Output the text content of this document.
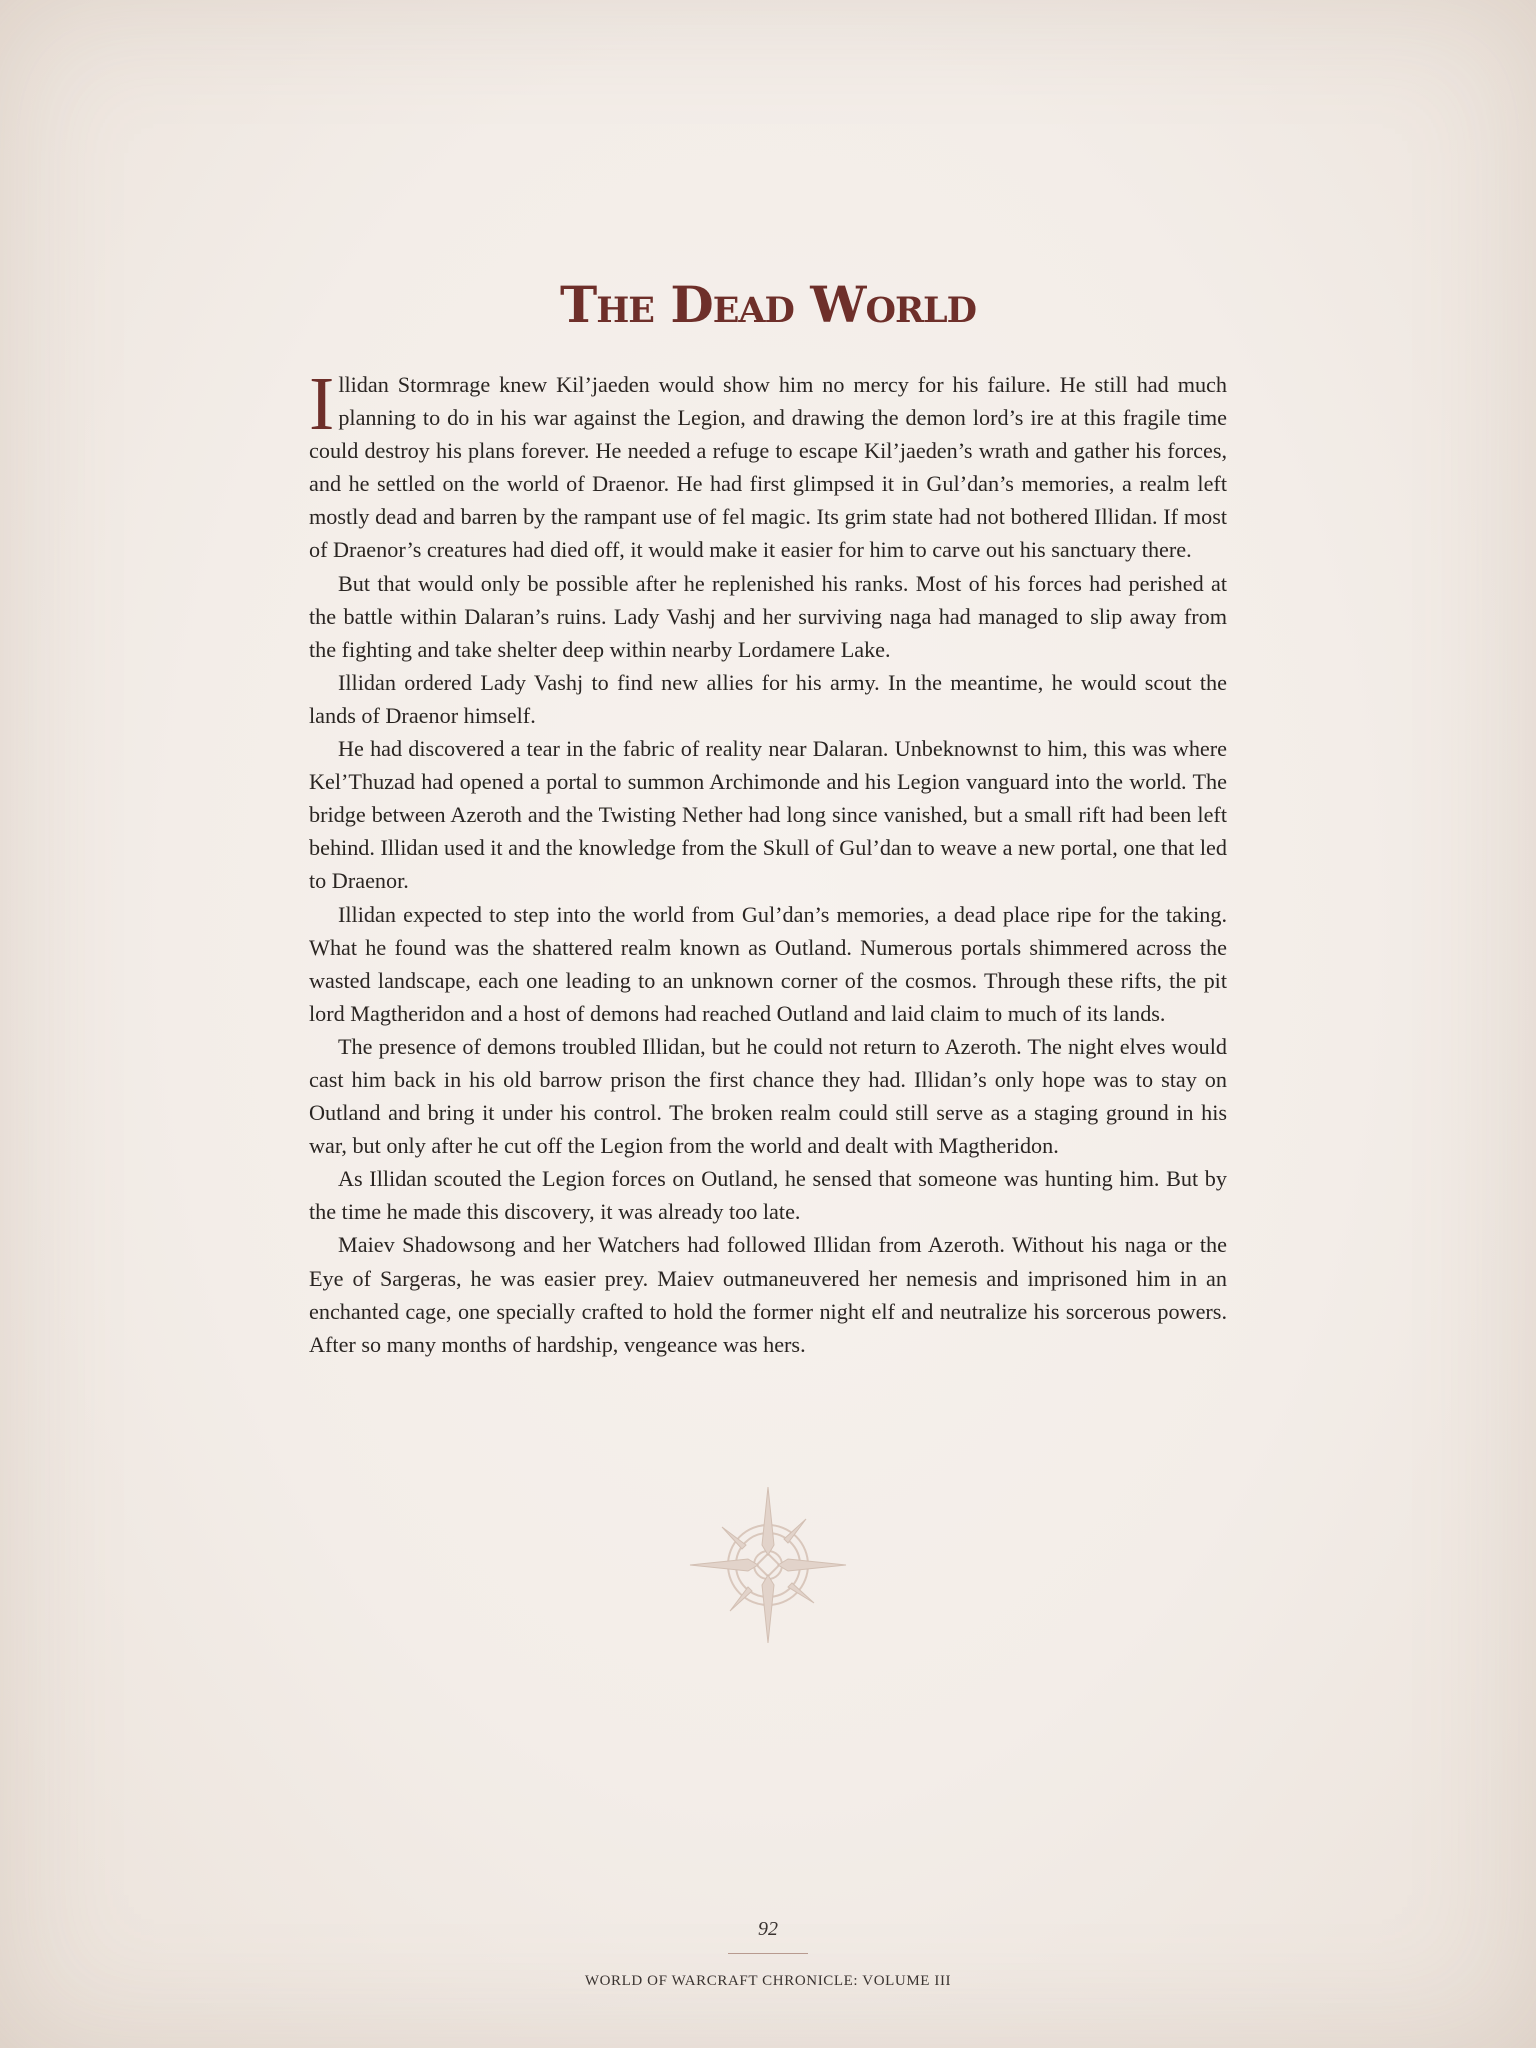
The Dead World

Illidan Stormrage knew Kil’jaeden would show him no mercy for his failure. He still had much planning to do in his war against the Legion, and drawing the demon lord’s ire at this fragile time could destroy his plans forever. He needed a refuge to escape Kil’jaeden’s wrath and gather his forces, and he settled on the world of Draenor. He had first glimpsed it in Gul’dan’s memories, a realm left mostly dead and barren by the rampant use of fel magic. Its grim state had not bothered Illidan. If most of Draenor’s creatures had died off, it would make it easier for him to carve out his sanctuary there.

But that would only be possible after he replenished his ranks. Most of his forces had perished at the battle within Dalaran’s ruins. Lady Vashj and her surviving naga had managed to slip away from the fighting and take shelter deep within nearby Lordamere Lake.

Illidan ordered Lady Vashj to find new allies for his army. In the meantime, he would scout the lands of Draenor himself.

He had discovered a tear in the fabric of reality near Dalaran. Unbeknownst to him, this was where Kel’Thuzad had opened a portal to summon Archimonde and his Legion vanguard into the world. The bridge between Azeroth and the Twisting Nether had long since vanished, but a small rift had been left behind. Illidan used it and the knowledge from the Skull of Gul’dan to weave a new portal, one that led to Draenor.

Illidan expected to step into the world from Gul’dan’s memories, a dead place ripe for the taking. What he found was the shattered realm known as Outland. Numerous portals shimmered across the wasted landscape, each one leading to an unknown corner of the cosmos. Through these rifts, the pit lord Magtheridon and a host of demons had reached Outland and laid claim to much of its lands.

The presence of demons troubled Illidan, but he could not return to Azeroth. The night elves would cast him back in his old barrow prison the first chance they had. Illidan’s only hope was to stay on Outland and bring it under his control. The broken realm could still serve as a staging ground in his war, but only after he cut off the Legion from the world and dealt with Magtheridon.

As Illidan scouted the Legion forces on Outland, he sensed that someone was hunting him. But by the time he made this discovery, it was already too late.

Maiev Shadowsong and her Watchers had followed Illidan from Azeroth. Without his naga or the Eye of Sargeras, he was easier prey. Maiev outmaneuvered her nemesis and imprisoned him in an enchanted cage, one specially crafted to hold the former night elf and neutralize his sorcerous powers. After so many months of hardship, vengeance was hers.

92
WORLD OF WARCRAFT CHRONICLE: VOLUME III
